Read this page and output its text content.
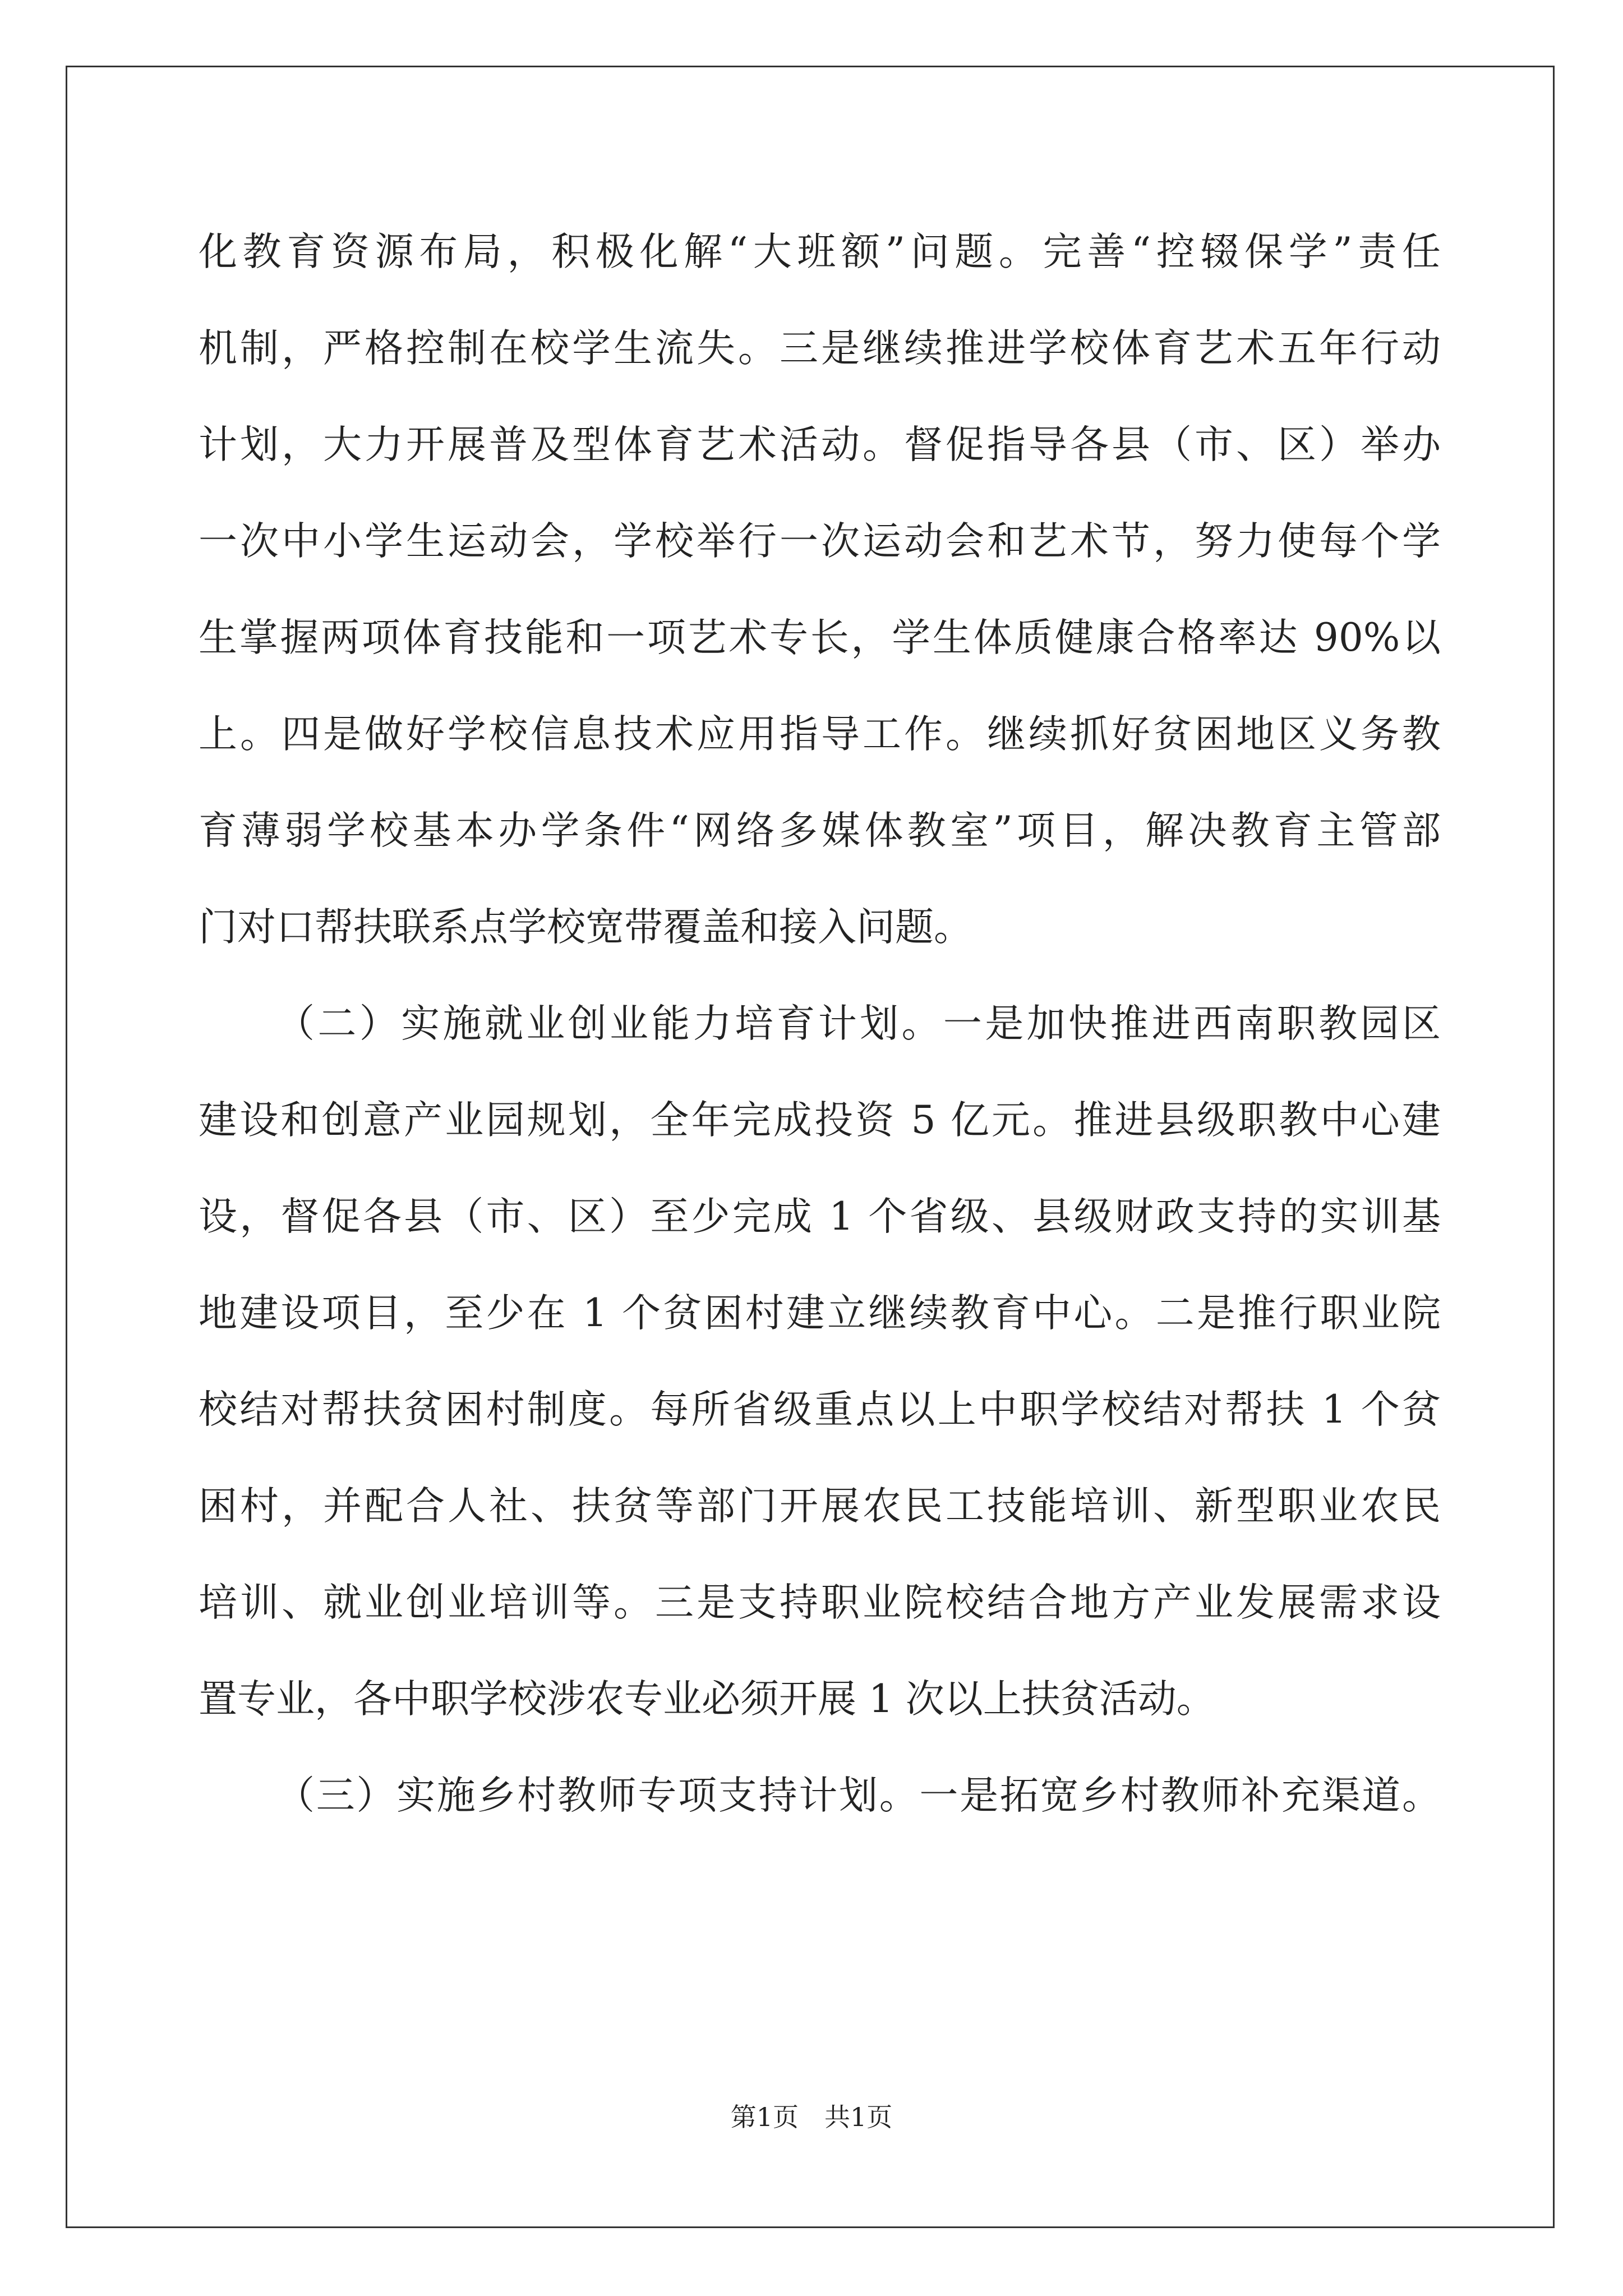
化教育资源布局，积极化解“大班额”问题。完善“控辍保学”责任
机制，严格控制在校学生流失。三是继续推进学校体育艺术五年行动
计划，大力开展普及型体育艺术活动。督促指导各县（市、区）举办
一次中小学生运动会，学校举行一次运动会和艺术节，努力使每个学
生掌握两项体育技能和一项艺术专长，学生体质健康合格率达 90%以
上。四是做好学校信息技术应用指导工作。继续抓好贫困地区义务教
育薄弱学校基本办学条件“网络多媒体教室”项目，解决教育主管部
门对口帮扶联系点学校宽带覆盖和接入问题。
（二）实施就业创业能力培育计划。一是加快推进西南职教园区
建设和创意产业园规划，全年完成投资 5 亿元。推进县级职教中心建
设，督促各县（市、区）至少完成 1 个省级、县级财政支持的实训基
地建设项目，至少在 1 个贫困村建立继续教育中心。二是推行职业院
校结对帮扶贫困村制度。每所省级重点以上中职学校结对帮扶 1 个贫
困村，并配合人社、扶贫等部门开展农民工技能培训、新型职业农民
培训、就业创业培训等。三是支持职业院校结合地方产业发展需求设
置专业，各中职学校涉农专业必须开展 1 次以上扶贫活动。
（三）实施乡村教师专项支持计划。一是拓宽乡村教师补充渠道。
第1页 共1页
